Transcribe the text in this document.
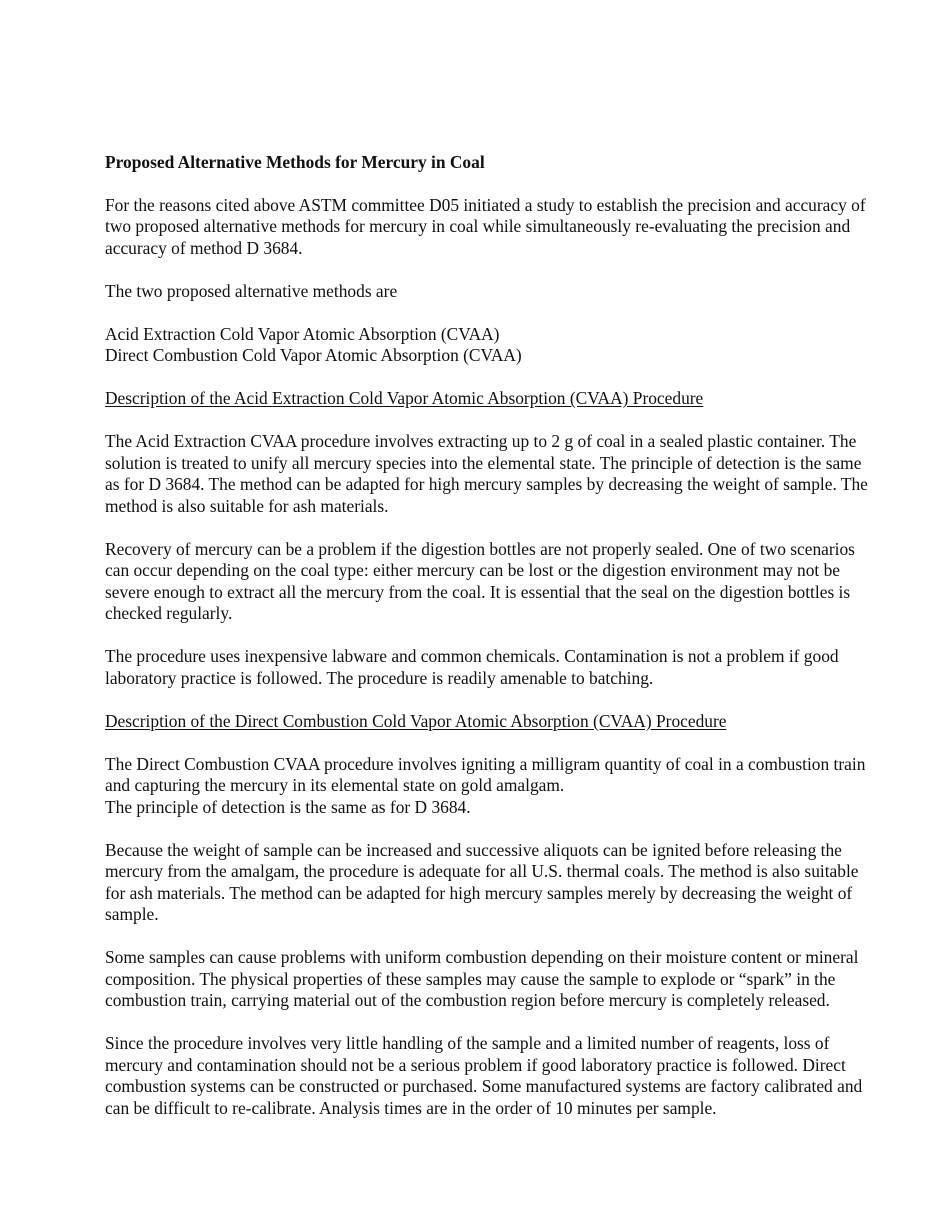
Proposed Alternative Methods for Mercury in Coal

For the reasons cited above ASTM committee D05 initiated a study to establish the precision and accuracy of two proposed alternative methods for mercury in coal while simultaneously re-evaluating the precision and accuracy of method D 3684.

The two proposed alternative methods are

Acid Extraction Cold Vapor Atomic Absorption (CVAA)
Direct Combustion Cold Vapor Atomic Absorption (CVAA)

Description of the Acid Extraction Cold Vapor Atomic Absorption (CVAA) Procedure

The Acid Extraction CVAA procedure involves extracting up to 2 g of coal in a sealed plastic container. The solution is treated to unify all mercury species into the elemental state. The principle of detection is the same as for D 3684. The method can be adapted for high mercury samples by decreasing the weight of sample. The method is also suitable for ash materials.

Recovery of mercury can be a problem if the digestion bottles are not properly sealed. One of two scenarios can occur depending on the coal type: either mercury can be lost or the digestion environment may not be severe enough to extract all the mercury from the coal. It is essential that the seal on the digestion bottles is checked regularly.

The procedure uses inexpensive labware and common chemicals. Contamination is not a problem if good laboratory practice is followed. The procedure is readily amenable to batching.

Description of the Direct Combustion Cold Vapor Atomic Absorption (CVAA) Procedure

The Direct Combustion CVAA procedure involves igniting a milligram quantity of coal in a combustion train and capturing the mercury in its elemental state on gold amalgam.
The principle of detection is the same as for D 3684.

Because the weight of sample can be increased and successive aliquots can be ignited before releasing the mercury from the amalgam, the procedure is adequate for all U.S. thermal coals. The method is also suitable for ash materials. The method can be adapted for high mercury samples merely by decreasing the weight of sample.

Some samples can cause problems with uniform combustion depending on their moisture content or mineral composition. The physical properties of these samples may cause the sample to explode or “spark” in the combustion train, carrying material out of the combustion region before mercury is completely released.

Since the procedure involves very little handling of the sample and a limited number of reagents, loss of mercury and contamination should not be a serious problem if good laboratory practice is followed. Direct combustion systems can be constructed or purchased. Some manufactured systems are factory calibrated and can be difficult to re-calibrate. Analysis times are in the order of 10 minutes per sample.
